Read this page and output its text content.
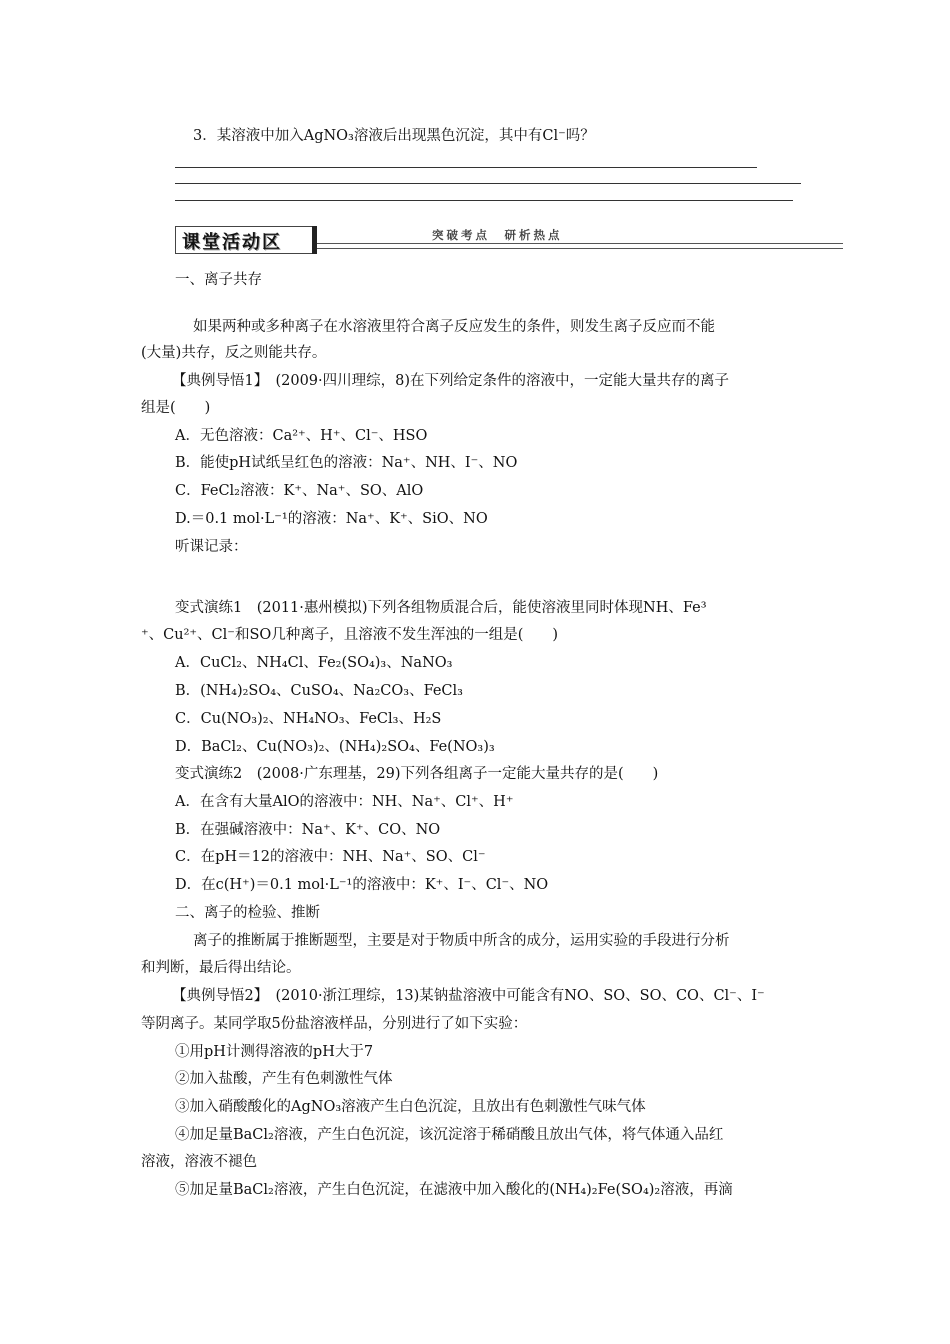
3．某溶液中加入AgNO₃溶液后出现黑色沉淀，其中有Cl⁻吗？
课堂活动区	突破考点　研析热点
一、离子共存
如果两种或多种离子在水溶液里符合离子反应发生的条件，则发生离子反应而不能
(大量)共存，反之则能共存。
【典例导悟1】　(2009·四川理综，8)在下列给定条件的溶液中，一定能大量共存的离子
组是(　　)
A．无色溶液：Ca²⁺、H⁺、Cl⁻、HSO
B．能使pH试纸呈红色的溶液：Na⁺、NH、I⁻、NO
C．FeCl₂溶液：K⁺、Na⁺、SO、AlO
D.＝0.1 mol·L⁻¹的溶液：Na⁺、K⁺、SiO、NO
听课记录：
变式演练1　(2011·惠州模拟)下列各组物质混合后，能使溶液里同时体现NH、Fe³
⁺、Cu²⁺、Cl⁻和SO几种离子，且溶液不发生浑浊的一组是(　　)
A．CuCl₂、NH₄Cl、Fe₂(SO₄)₃、NaNO₃
B．(NH₄)₂SO₄、CuSO₄、Na₂CO₃、FeCl₃
C．Cu(NO₃)₂、NH₄NO₃、FeCl₃、H₂S
D．BaCl₂、Cu(NO₃)₂、(NH₄)₂SO₄、Fe(NO₃)₃
变式演练2　(2008·广东理基，29)下列各组离子一定能大量共存的是(　　)
A．在含有大量AlO的溶液中：NH、Na⁺、Cl⁺、H⁺
B．在强碱溶液中：Na⁺、K⁺、CO、NO
C．在pH＝12的溶液中：NH、Na⁺、SO、Cl⁻
D．在c(H⁺)＝0.1 mol·L⁻¹的溶液中：K⁺、I⁻、Cl⁻、NO
二、离子的检验、推断
离子的推断属于推断题型，主要是对于物质中所含的成分，运用实验的手段进行分析
和判断，最后得出结论。
【典例导悟2】　(2010·浙江理综，13)某钠盐溶液中可能含有NO、SO、SO、CO、Cl⁻、I⁻
等阴离子。某同学取5份盐溶液样品，分别进行了如下实验：
①用pH计测得溶液的pH大于7
②加入盐酸，产生有色刺激性气体
③加入硝酸酸化的AgNO₃溶液产生白色沉淀，且放出有色刺激性气味气体
④加足量BaCl₂溶液，产生白色沉淀，该沉淀溶于稀硝酸且放出气体，将气体通入品红
溶液，溶液不褪色
⑤加足量BaCl₂溶液，产生白色沉淀，在滤液中加入酸化的(NH₄)₂Fe(SO₄)₂溶液，再滴
